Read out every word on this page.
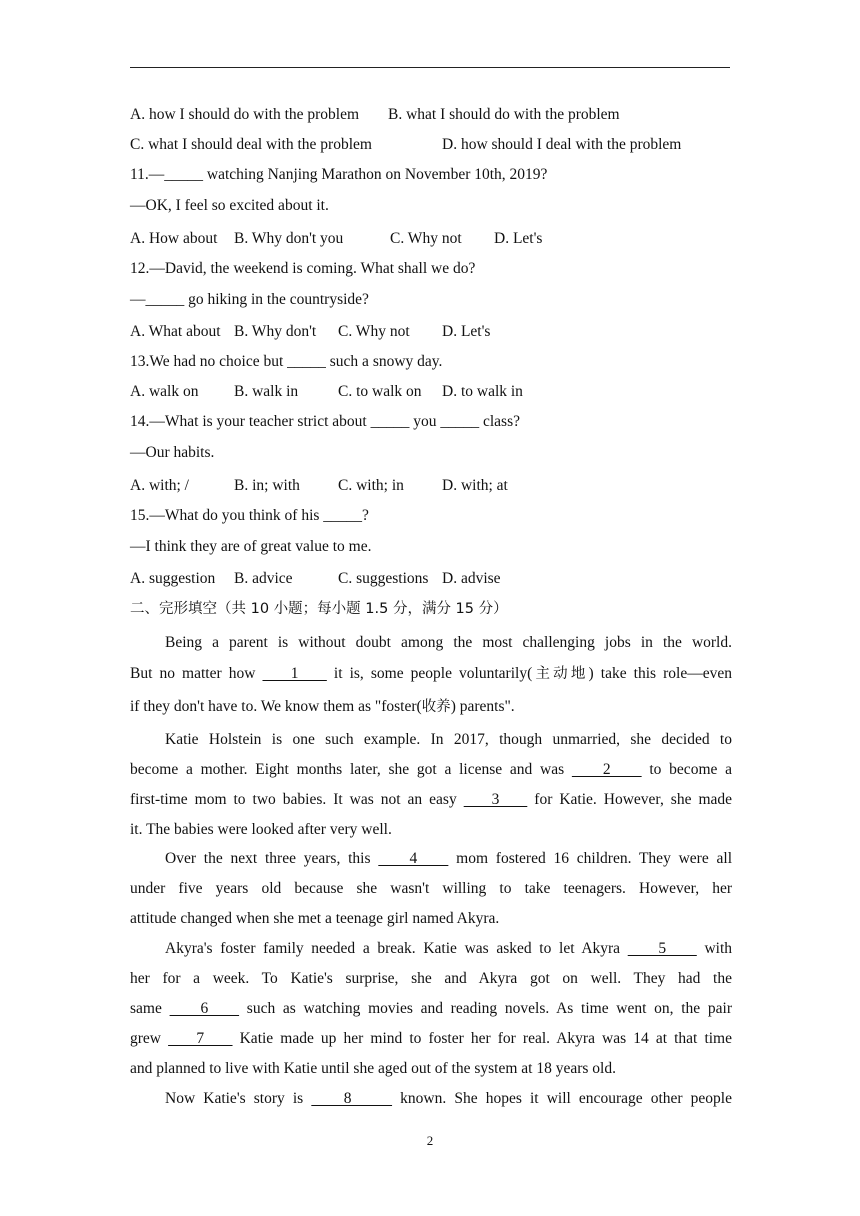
A. how I should do with the problem B. what I should do with the problem
C. what I should deal with the problem	D. how should I deal with the problem
11.—_____ watching Nanjing Marathon on November 10th, 2019?
—OK, I feel so excited about it.
A. How about B. Why don't you	C. Why not D. Let's
12.—David, the weekend is coming. What shall we do?
—_____ go hiking in the countryside?
A. What about B. Why don't C. Why not D. Let's
13.We had no choice but _____ such a snowy day.
A. walk on B. walk in	C. to walk on D. to walk in
14.—What is your teacher strict about _____ you _____ class?
—Our habits.
A. with; /	B. in; with C. with; in D. with; at
15.—What do you think of his _____?
—I think they are of great value to me.
A. suggestion B. advice	C. suggestions D. advise
二、完形填空（共 10 小题；每小题 1.5 分，满分 15 分）
Being a parent is without doubt among the most challenging jobs in the world.
But no matter how     1     it is, some people voluntarily(主动地) take this role—even
if they don't have to. We know them as "foster(收养) parents".
Katie Holstein is one such example. In 2017, though unmarried, she decided to
become a mother. Eight months later, she got a license and was     2     to become a
first-time mom to two babies. It was not an easy     3     for Katie. However, she made
it. The babies were looked after very well.
Over the next three years, this     4     mom fostered 16 children. They were all
under five years old because she wasn't willing to take teenagers. However, her
attitude changed when she met a teenage girl named Akyra.
Akyra's foster family needed a break. Katie was asked to let Akyra     5     with
her for a week. To Katie's surprise, she and Akyra got on well. They had the
same     6     such as watching movies and reading novels. As time went on, the pair
grew     7     Katie made up her mind to foster her for real. Akyra was 14 at that time
and planned to live with Katie until she aged out of the system at 18 years old.
Now Katie's story is     8      known. She hopes it will encourage other people
2
